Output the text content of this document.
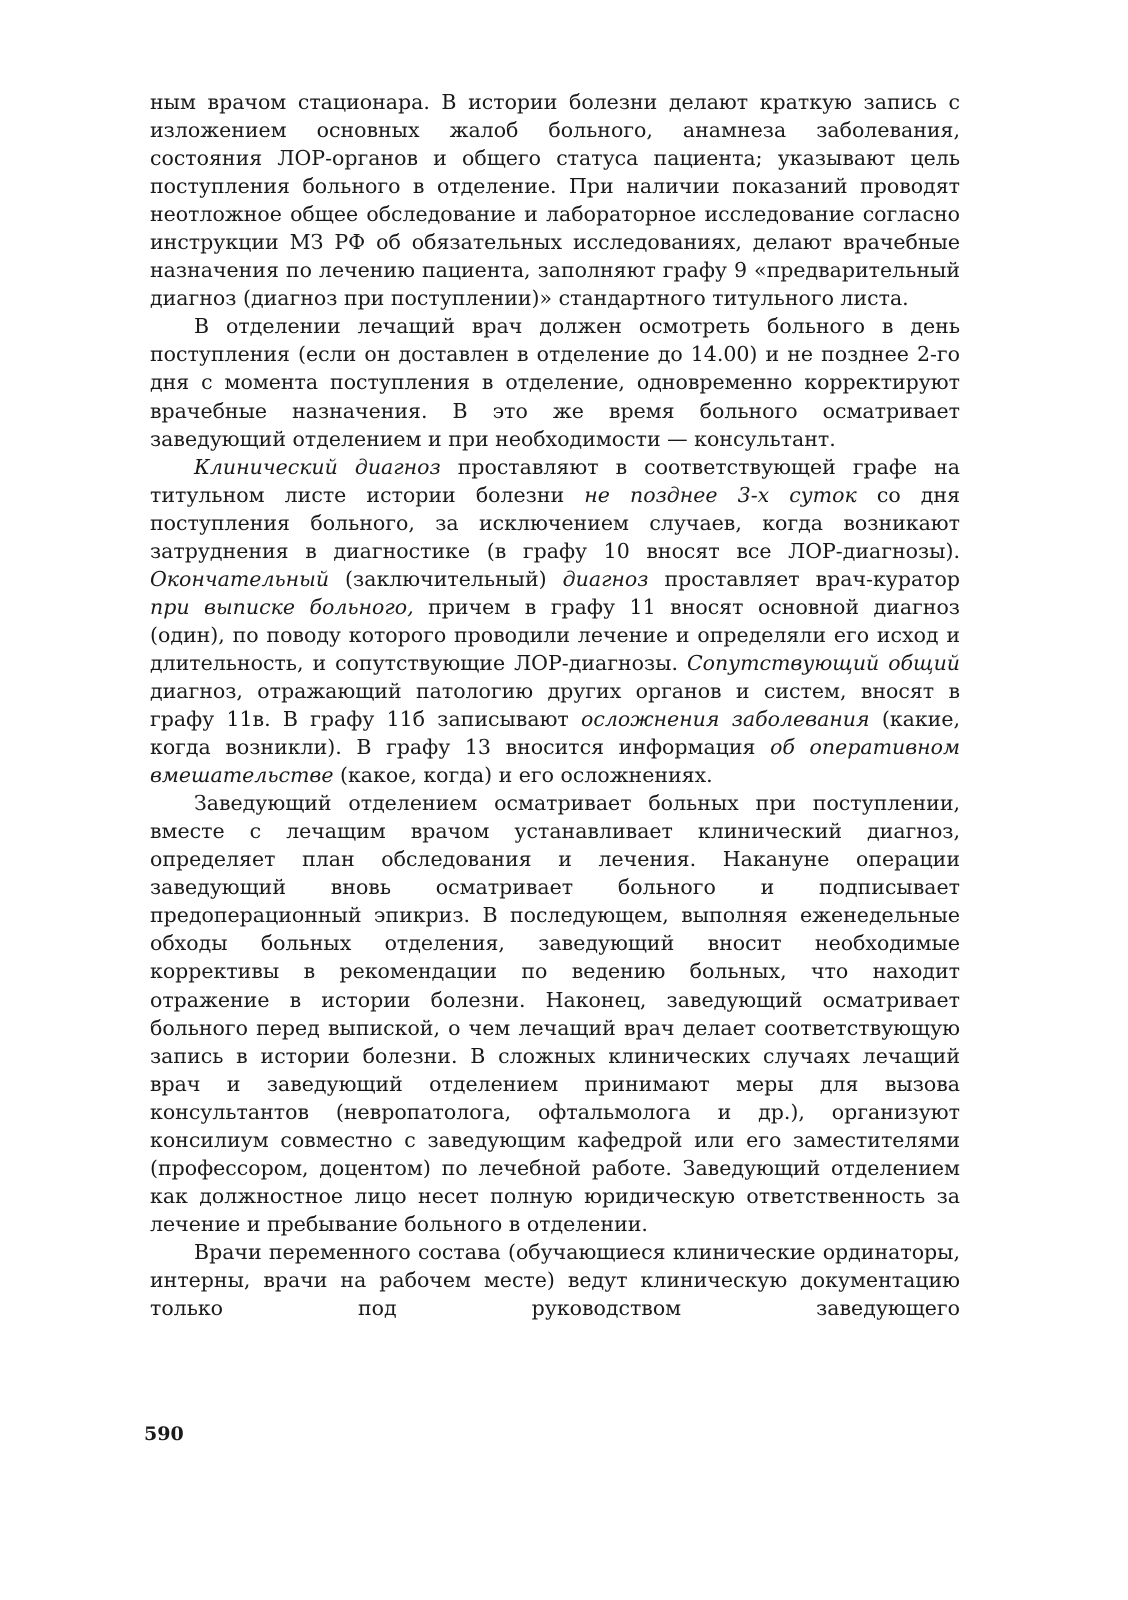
ным врачом стационара. В истории болезни делают краткую запись с изложением основных жалоб больного, анамнеза заболевания, состояния ЛОР-органов и общего статуса пациента; указывают цель поступления больного в отделение. При наличии показаний проводят неотложное общее обследование и лабораторное исследование согласно инструкции МЗ РФ об обязательных исследованиях, делают врачебные назначения по лечению пациента, заполняют графу 9 «предварительный диагноз (диагноз при поступлении)» стандартного титульного листа.

В отделении лечащий врач должен осмотреть больного в день поступления (если он доставлен в отделение до 14.00) и не позднее 2-го дня с момента поступления в отделение, одновременно корректируют врачебные назначения. В это же время больного осматривает заведующий отделением и при необходимости — консультант.

Клинический диагноз проставляют в соответствующей графе на титульном листе истории болезни не позднее 3-х суток со дня поступления больного, за исключением случаев, когда возникают затруднения в диагностике (в графу 10 вносят все ЛОР-диагнозы). Окончательный (заключительный) диагноз проставляет врач-куратор при выписке больного, причем в графу 11 вносят основной диагноз (один), по поводу которого проводили лечение и определяли его исход и длительность, и сопутствующие ЛОР-диагнозы. Сопутствующий общий диагноз, отражающий патологию других органов и систем, вносят в графу 11в. В графу 11б записывают осложнения заболевания (какие, когда возникли). В графу 13 вносится информация об оперативном вмешательстве (какое, когда) и его осложнениях.

Заведующий отделением осматривает больных при поступлении, вместе с лечащим врачом устанавливает клинический диагноз, определяет план обследования и лечения. Накануне операции заведующий вновь осматривает больного и подписывает предоперационный эпикриз. В последующем, выполняя еженедельные обходы больных отделения, заведующий вносит необходимые коррективы в рекомендации по ведению больных, что находит отражение в истории болезни. Наконец, заведующий осматривает больного перед выпиской, о чем лечащий врач делает соответствующую запись в истории болезни. В сложных клинических случаях лечащий врач и заведующий отделением принимают меры для вызова консультантов (невропатолога, офтальмолога и др.), организуют консилиум совместно с заведующим кафедрой или его заместителями (профессором, доцентом) по лечебной работе. Заведующий отделением как должностное лицо несет полную юридическую ответственность за лечение и пребывание больного в отделении.

Врачи переменного состава (обучающиеся клинические ординаторы, интерны, врачи на рабочем месте) ведут клиническую документацию только под руководством заведующего

590
